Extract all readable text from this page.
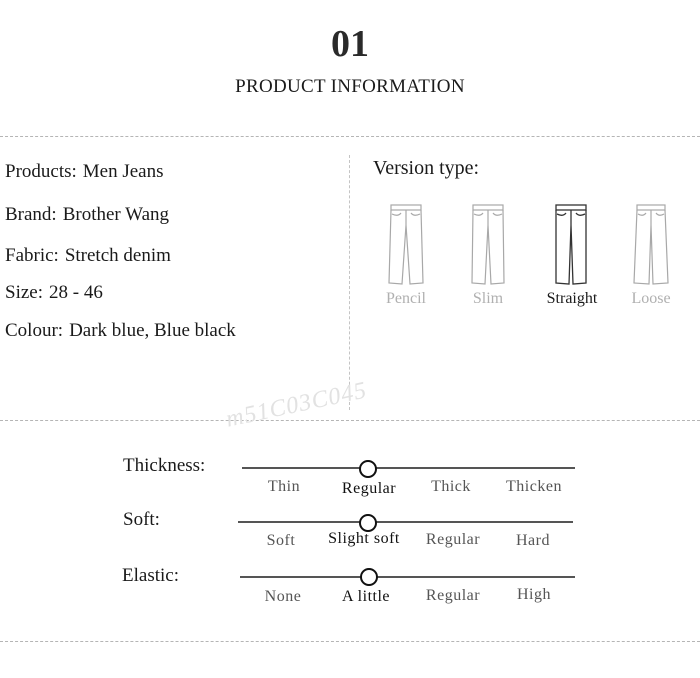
01
PRODUCT INFORMATION
Products: Men Jeans
Brand: Brother Wang
Fabric: Stretch denim
Size: 28 - 46
Colour: Dark blue, Blue black
Version type:
Pencil	Slim	Straight	Loose
m51C03C045
Thickness:
Thin	Regular	Thick	Thicken
Soft:
Soft	Slight soft	Regular	Hard
Elastic:
None	A little	Regular	High
